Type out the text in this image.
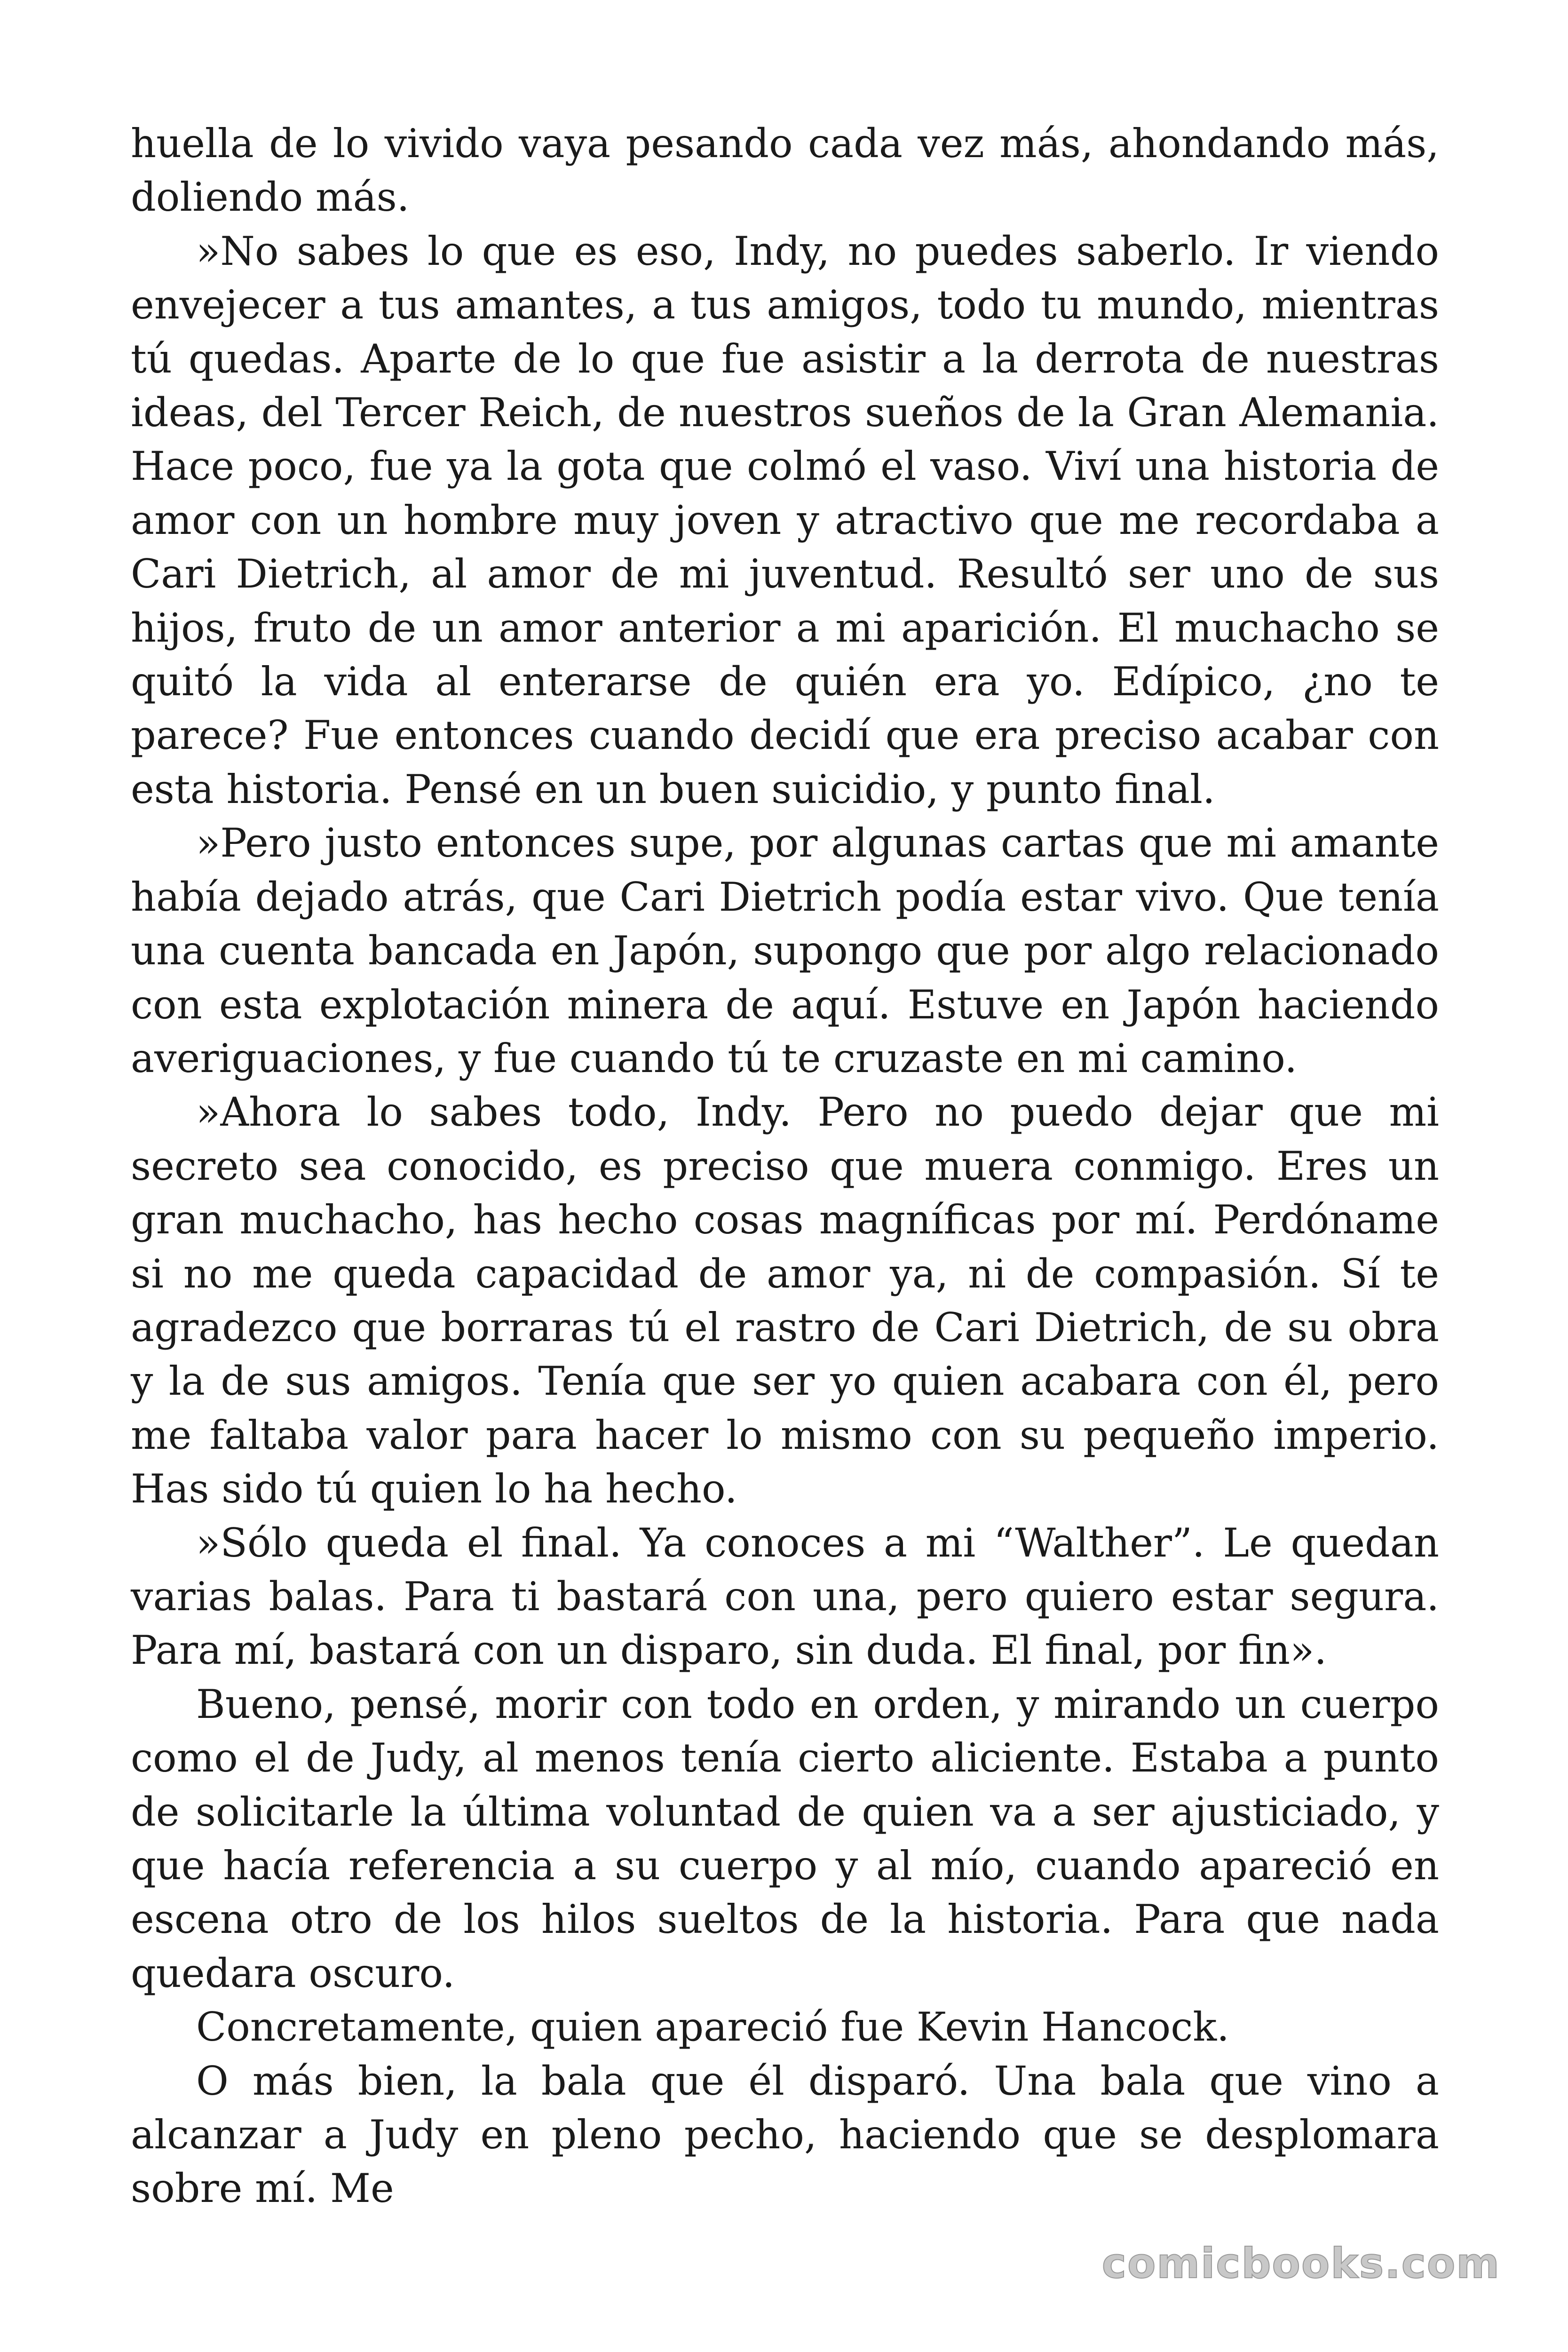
huella de lo vivido vaya pesando cada vez más, ahondando más, doliendo más.

»No sabes lo que es eso, Indy, no puedes saberlo. Ir viendo envejecer a tus amantes, a tus amigos, todo tu mundo, mientras tú quedas. Aparte de lo que fue asistir a la derrota de nuestras ideas, del Tercer Reich, de nuestros sueños de la Gran Alemania. Hace poco, fue ya la gota que colmó el vaso. Viví una historia de amor con un hombre muy joven y atractivo que me recordaba a Cari Dietrich, al amor de mi juventud. Resultó ser uno de sus hijos, fruto de un amor anterior a mi aparición. El muchacho se quitó la vida al enterarse de quién era yo. Edípico, ¿no te parece? Fue entonces cuando decidí que era preciso acabar con esta historia. Pensé en un buen suicidio, y punto final.

»Pero justo entonces supe, por algunas cartas que mi amante había dejado atrás, que Cari Dietrich podía estar vivo. Que tenía una cuenta bancada en Japón, supongo que por algo relacionado con esta explotación minera de aquí. Estuve en Japón haciendo averiguaciones, y fue cuando tú te cruzaste en mi camino.

»Ahora lo sabes todo, Indy. Pero no puedo dejar que mi secreto sea conocido, es preciso que muera conmigo. Eres un gran muchacho, has hecho cosas magníficas por mí. Perdóname si no me queda capacidad de amor ya, ni de compasión. Sí te agradezco que borraras tú el rastro de Cari Dietrich, de su obra y la de sus amigos. Tenía que ser yo quien acabara con él, pero me faltaba valor para hacer lo mismo con su pequeño imperio. Has sido tú quien lo ha hecho.

»Sólo queda el final. Ya conoces a mi “Walther”. Le quedan varias balas. Para ti bastará con una, pero quiero estar segura. Para mí, bastará con un disparo, sin duda. El final, por fin».

Bueno, pensé, morir con todo en orden, y mirando un cuerpo como el de Judy, al menos tenía cierto aliciente. Estaba a punto de solicitarle la última voluntad de quien va a ser ajusticiado, y que hacía referencia a su cuerpo y al mío, cuando apareció en escena otro de los hilos sueltos de la historia. Para que nada quedara oscuro.

Concretamente, quien apareció fue Kevin Hancock.

O más bien, la bala que él disparó. Una bala que vino a alcanzar a Judy en pleno pecho, haciendo que se desplomara sobre mí. Me

comicbooks.com
